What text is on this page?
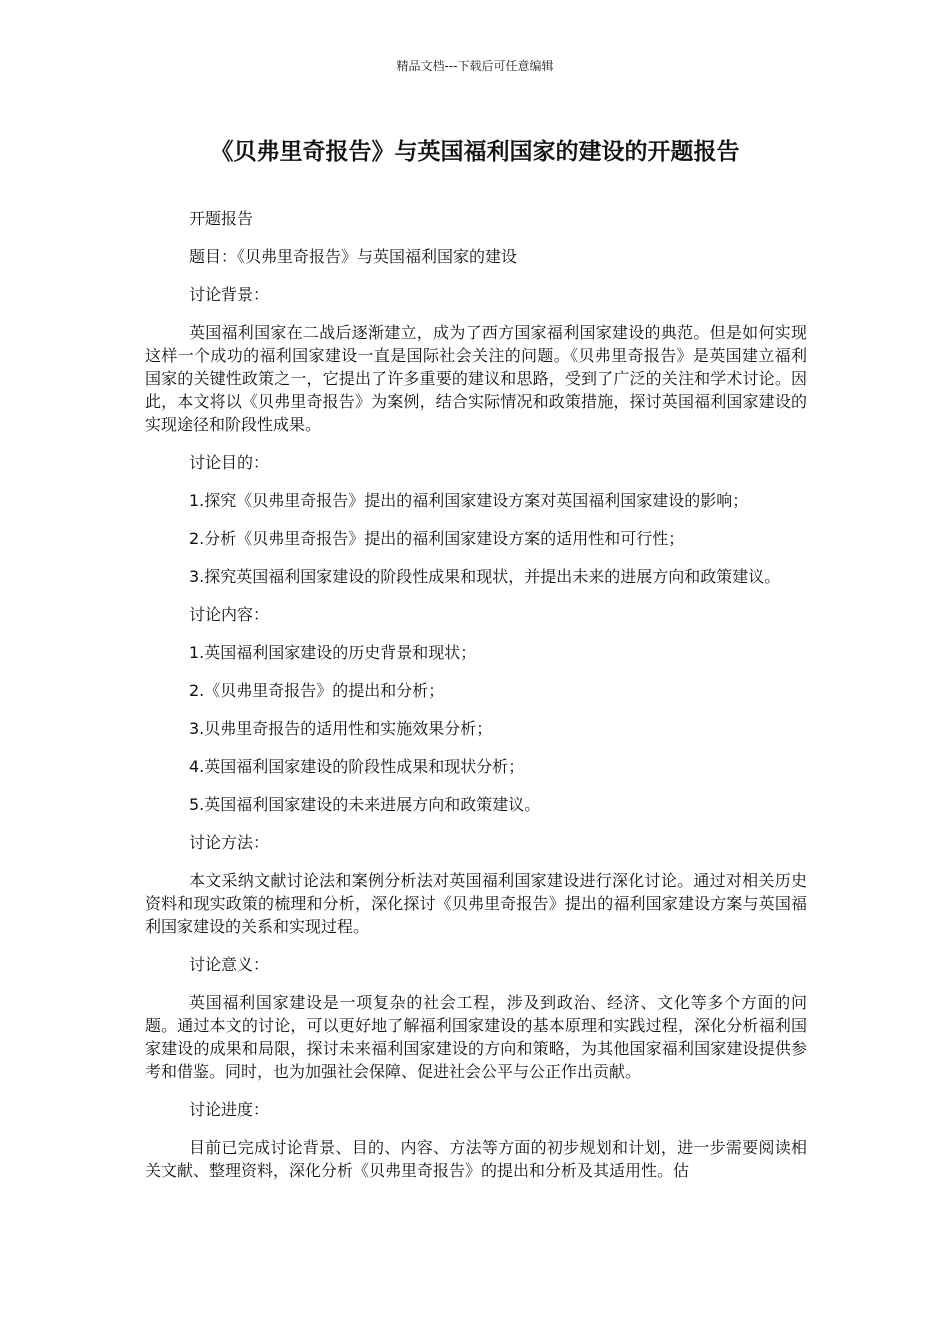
精品文档---下载后可任意编辑
《贝弗里奇报告》与英国福利国家的建设的开题报告

开题报告

题目：《贝弗里奇报告》与英国福利国家的建设

讨论背景：

英国福利国家在二战后逐渐建立，成为了西方国家福利国家建设的典范。但是如何实现这样一个成功的福利国家建设一直是国际社会关注的问题。《贝弗里奇报告》是英国建立福利国家的关键性政策之一，它提出了许多重要的建议和思路，受到了广泛的关注和学术讨论。因此，本文将以《贝弗里奇报告》为案例，结合实际情况和政策措施，探讨英国福利国家建设的实现途径和阶段性成果。

讨论目的：

1.探究《贝弗里奇报告》提出的福利国家建设方案对英国福利国家建设的影响；

2.分析《贝弗里奇报告》提出的福利国家建设方案的适用性和可行性；

3.探究英国福利国家建设的阶段性成果和现状，并提出未来的进展方向和政策建议。

讨论内容：

1.英国福利国家建设的历史背景和现状；

2.《贝弗里奇报告》的提出和分析；

3.贝弗里奇报告的适用性和实施效果分析；

4.英国福利国家建设的阶段性成果和现状分析；

5.英国福利国家建设的未来进展方向和政策建议。

讨论方法：

本文采纳文献讨论法和案例分析法对英国福利国家建设进行深化讨论。通过对相关历史资料和现实政策的梳理和分析，深化探讨《贝弗里奇报告》提出的福利国家建设方案与英国福利国家建设的关系和实现过程。

讨论意义：

英国福利国家建设是一项复杂的社会工程，涉及到政治、经济、文化等多个方面的问题。通过本文的讨论，可以更好地了解福利国家建设的基本原理和实践过程，深化分析福利国家建设的成果和局限，探讨未来福利国家建设的方向和策略，为其他国家福利国家建设提供参考和借鉴。同时，也为加强社会保障、促进社会公平与公正作出贡献。

讨论进度：

目前已完成讨论背景、目的、内容、方法等方面的初步规划和计划，进一步需要阅读相关文献、整理资料，深化分析《贝弗里奇报告》的提出和分析及其适用性。估
